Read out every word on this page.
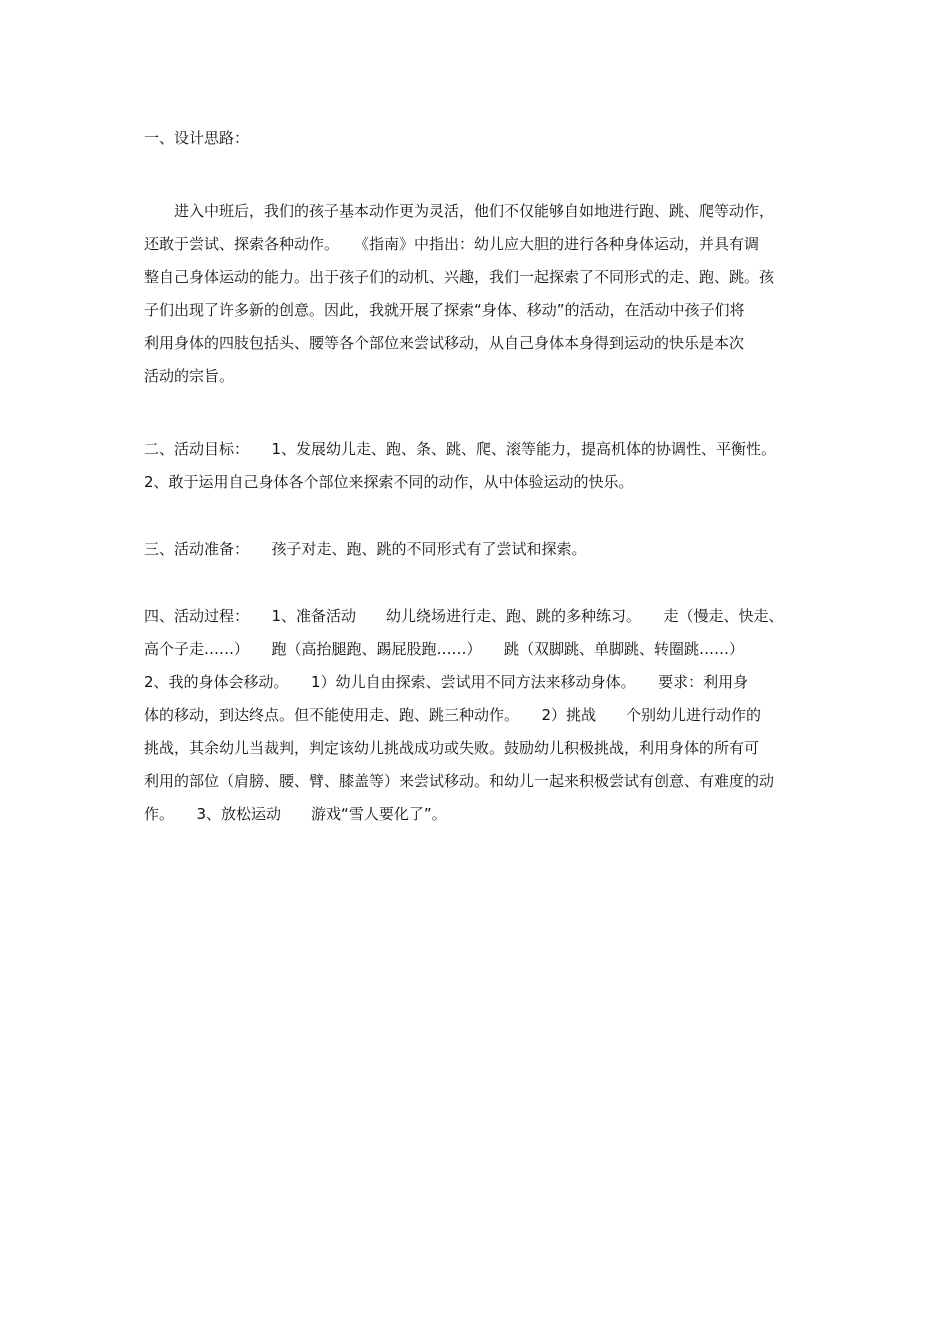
一、设计思路：
　　进入中班后，我们的孩子基本动作更为灵活，他们不仅能够自如地进行跑、跳、爬等动作，
还敢于尝试、探索各种动作。　　《指南》中指出：幼儿应大胆的进行各种身体运动，并具有调
整自己身体运动的能力。出于孩子们的动机、兴趣，我们一起探索了不同形式的走、跑、跳。孩
子们出现了许多新的创意。因此，我就开展了探索“身体、移动”的活动，在活动中孩子们将
利用身体的四肢包括头、腰等各个部位来尝试移动，从自己身体本身得到运动的快乐是本次
活动的宗旨。
二、活动目标：　　1、发展幼儿走、跑、条、跳、爬、滚等能力，提高机体的协调性、平衡性。
2、敢于运用自己身体各个部位来探索不同的动作，从中体验运动的快乐。
三、活动准备：　　孩子对走、跑、跳的不同形式有了尝试和探索。
四、活动过程：　　1、准备活动　　幼儿绕场进行走、跑、跳的多种练习。　　走（慢走、快走、
高个子走……）　　跑（高抬腿跑、踢屁股跑……）　　跳（双脚跳、单脚跳、转圈跳……）
2、我的身体会移动。　　1）幼儿自由探索、尝试用不同方法来移动身体。　　要求：利用身
体的移动，到达终点。但不能使用走、跑、跳三种动作。　　2）挑战　　个别幼儿进行动作的
挑战，其余幼儿当裁判，判定该幼儿挑战成功或失败。鼓励幼儿积极挑战，利用身体的所有可
利用的部位（肩膀、腰、臂、膝盖等）来尝试移动。和幼儿一起来积极尝试有创意、有难度的动
作。　　3、放松运动　　游戏“雪人要化了”。
